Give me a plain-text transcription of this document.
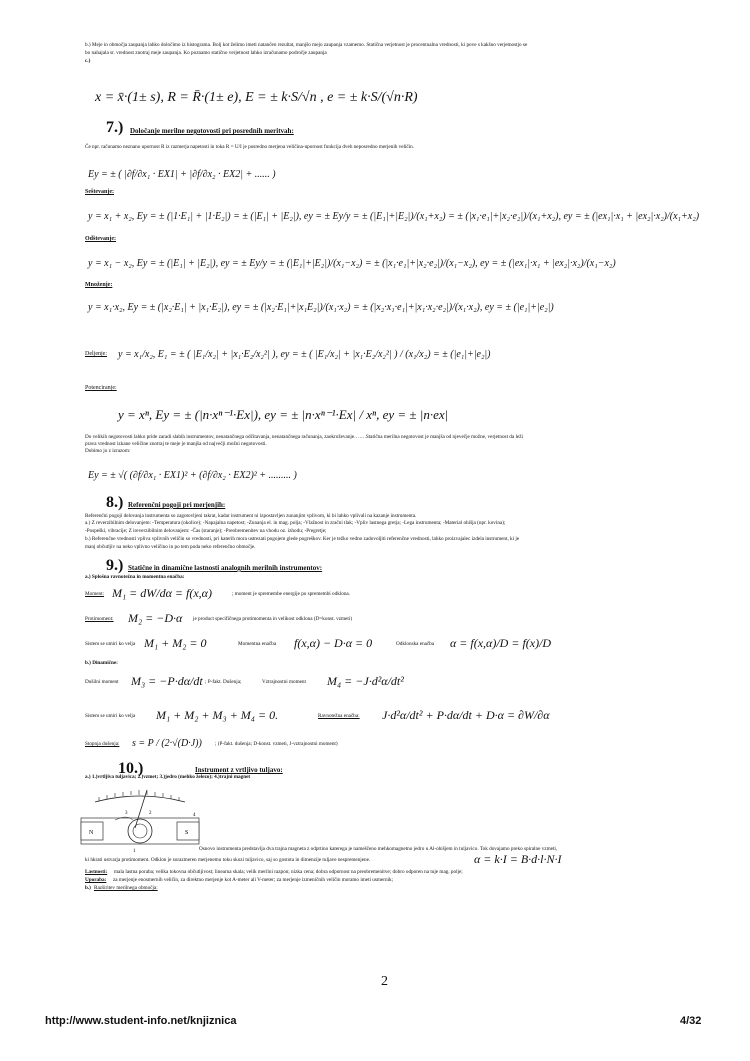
b.) Meje in območja zaupanja lahko določimo iz histograma. Bolj kot želimo imeti natančen rezultat, manjšo mejo zaupanja vzamemo. Statična verjetnost je procentualna vrednosti, ki pove s kakšno verjetnostjo se
bo nahajala sr. vrednost znotraj meje zaupanja. Ko poznamo statično verjetnost lahko izračunamo področje zaupanja
c.)
x = x̄·(1± s), R = R̄·(1± e), E = ± k·S/√n , e = ± k·S/(√n·R)
7.) Določanje merilne negotovosti pri posrednih meritvah:
Če npr. računamo neznano upornost R iz razmerja napetosti in toka R = U/I je posredno merjena veličina-upornost funkcija dveh neposredno merjenih veličin.
Ey = ± ( |∂f/∂x₁ · EX1| + |∂f/∂x₂ · EX2| + ...... )
Seštevanje:
y = x₁ + x₂, Ey = ± (|1·E₁| + |1·E₂|) = ± (|E₁| + |E₂|), ey = ± Ey/y = ± (|E₁|+|E₂|)/(x₁+x₂) = ± (|x₁·e₁|+|x₂·e₂|)/(x₁+x₂), ey = ± (|ex₁|·x₁ + |ex₂|·x₂)/(x₁+x₂)
Odštevanje:
y = x₁ − x₂, Ey = ± (|E₁| + |E₂|), ey = ± Ey/y = ± (|E₁|+|E₂|)/(x₁−x₂) = ± (|x₁·e₁|+|x₂·e₂|)/(x₁−x₂), ey = ± (|ex₁|·x₁ + |ex₂|·x₂)/(x₁−x₂)
Množenje:
y = x₁·x₂, Ey = ± (|x₂·E₁| + |x₁·E₂|), ey = ± (|x₂·E₁|+|x₁E₂|)/(x₁·x₂) = ± (|x₂·x₁·e₁|+|x₁·x₂·e₂|)/(x₁·x₂), ey = ± (|e₁|+|e₂|)
Deljenje: y = x₁/x₂, E₁ = ± ( |E₁/x₂| + |x₁·E₂/x₂²| ), ey = ± ( |E₁/x₂| + |x₁·E₂/x₂²| ) / (x₁/x₂) = ± (|e₁|+|e₂|)
Potenciranje:
y = xⁿ, Ey = ± (|n·xⁿ⁻¹·Ex|), ey = ± |n·xⁿ⁻¹·Ex| / xⁿ, ey = ± |n·ex|
Do velikih negotovosti lahko pride zaradi slabih instrumentov, nenatančnega odčitavanja, nenatančnega računanja, zaokroževanje…….Statična merilna negotovost je manjša od njevečje možne, verjetnost da leži
prava vrednost izkane veličine znotraj te meje je manjša od največji možni negotovosti.
Dobimo jo z izrazom:
Ey = ± √( (∂f/∂x₁ · EX1)² + (∂f/∂x₂ · EX2)² + ......... )
8.) Referenčni pogoji pri merjenjih:
Referenčni pogoji delovanja instrumenta so zagotovljeni takrat, kadar instrument ni izpostavljen zunanjim vplivom, ki bi lahko vplivali na kazanje instrumenta.
a.) Z reverzibilnim delovanjem: -Temperatura (okolice); -Napajalna napetost; -Zunanja el. in mag. polja; -Vlažnost in zračni tlak; -Vpliv lastnega gretja; -Lega instrumenta; -Material ohišja (npr. kovina);
-Pospeški, vibracije; Z ireverzibilnim delovanjem: -Čas (staranje); -Preobremenitev na vhodu oz. izhodu; -Pregretje;
b.) Referenčne vrednosti vpliva vplivnih veličin so vrednosti, pri katerih mora ustrezati pogojem glede pogreškov. Ker je težko vedno zadovoljiti referenčne vrednosti, lahko proizvajalec izdela instrument, ki je
manj občutljiv na neko vplivno veličino in po tem poda neko referenčno območje.
9.) Statične in dinamične lastnosti analognih merilnih instrumentov:
a.) Splošna ravnotežna in momentna enačba:
Moment: M₁ = dW/dα = f(x,α)	; moment je spremembe energije po spremembi odklona.
Protimoment: M₂ = −D·α je product specifičnega protimomenta in velikost odklona (D=konst. vzmeti)
Sistem se umiri ko velja M₁ + M₂ = 0	Momentna enačba f(x,α) − D·α = 0	Odklonska enačba α = f(x,α)/D = f(x)/D
b.) Dinamične:
Dušilni moment M₃ = −P·dα/dt ; P-fakt. Dušenja;	Vztrajnostni moment M₄ = −J·d²α/dt²
Sistem se umiri ko velja M₁ + M₂ + M₃ + M₄ = 0.	Ravnotežna enačba: J·d²α/dt² + P·dα/dt + D·α = ∂W/∂α
Stopnja dušenja: s = P / (2·√(D·J))	; (P-fakt. dušenja; D-konst. vzmeti, J-vztrajnostni moment)
10.)	Instrument z vrtljivo tuljavo:
a.) 1.)vrtljiva tuljavica; 2.)vzmet; 3.)jedro (mehko železo); 4.)trajni magnet
N	S
3	2	4
1	Osnovo instrumenta predstavlja dva trajna magneta z odprtino katerega je nameščeno mehkomagnetno jedro u Al-ohišjem in tuljavico. Tok dovajamo preko spiralne vzmeti,
ki hkrati ustvarja protimoment. Odklon je sorazmeren merjenemu toku skozi tuljavico, saj so gostota in dimenzije tuljave nespremenjene.	α = k·I = B·d·l·N·I
Lastnosti: mala lastna poraba; velika tokovna občutljivost; linearna skala; velik merilni razpon; nizka cena; dobra odpornost na preobremenitve; dobro odporen na tuje mag. polje;
Uporaba: za merjenje enosmernih veličin, za direktno merjenje kot A-meter ali V-meter; za merjenje izmeničnih veličin moramo imeti usmernik;
b.) Razširitev merilnega območja:
2
http://www.student-info.net/knjiznica	4/32
